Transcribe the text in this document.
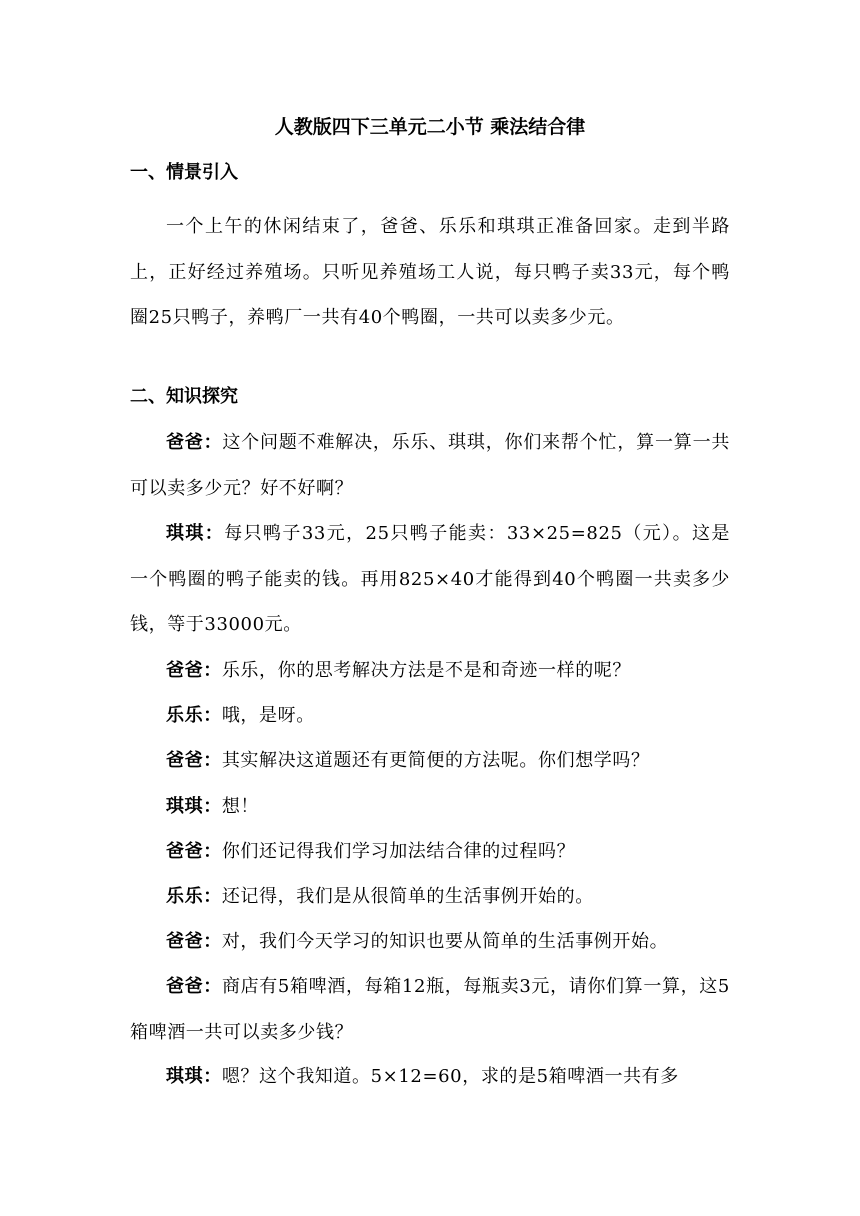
人教版四下三单元二小节 乘法结合律
一、情景引入

一个上午的休闲结束了，爸爸、乐乐和琪琪正准备回家。走到半路上，正好经过养殖场。只听见养殖场工人说，每只鸭子卖33元，每个鸭圈25只鸭子，养鸭厂一共有40个鸭圈，一共可以卖多少元。

二、知识探究

爸爸：这个问题不难解决，乐乐、琪琪，你们来帮个忙，算一算一共可以卖多少元？好不好啊？

琪琪：每只鸭子33元，25只鸭子能卖：33×25=825（元）。这是一个鸭圈的鸭子能卖的钱。再用825×40才能得到40个鸭圈一共卖多少钱，等于33000元。

爸爸：乐乐，你的思考解决方法是不是和奇迹一样的呢？

乐乐：哦，是呀。

爸爸：其实解决这道题还有更简便的方法呢。你们想学吗？

琪琪：想！

爸爸：你们还记得我们学习加法结合律的过程吗？

乐乐：还记得，我们是从很简单的生活事例开始的。

爸爸：对，我们今天学习的知识也要从简单的生活事例开始。

爸爸：商店有5箱啤酒，每箱12瓶，每瓶卖3元，请你们算一算，这5箱啤酒一共可以卖多少钱？

琪琪：嗯？这个我知道。5×12=60，求的是5箱啤酒一共有多
